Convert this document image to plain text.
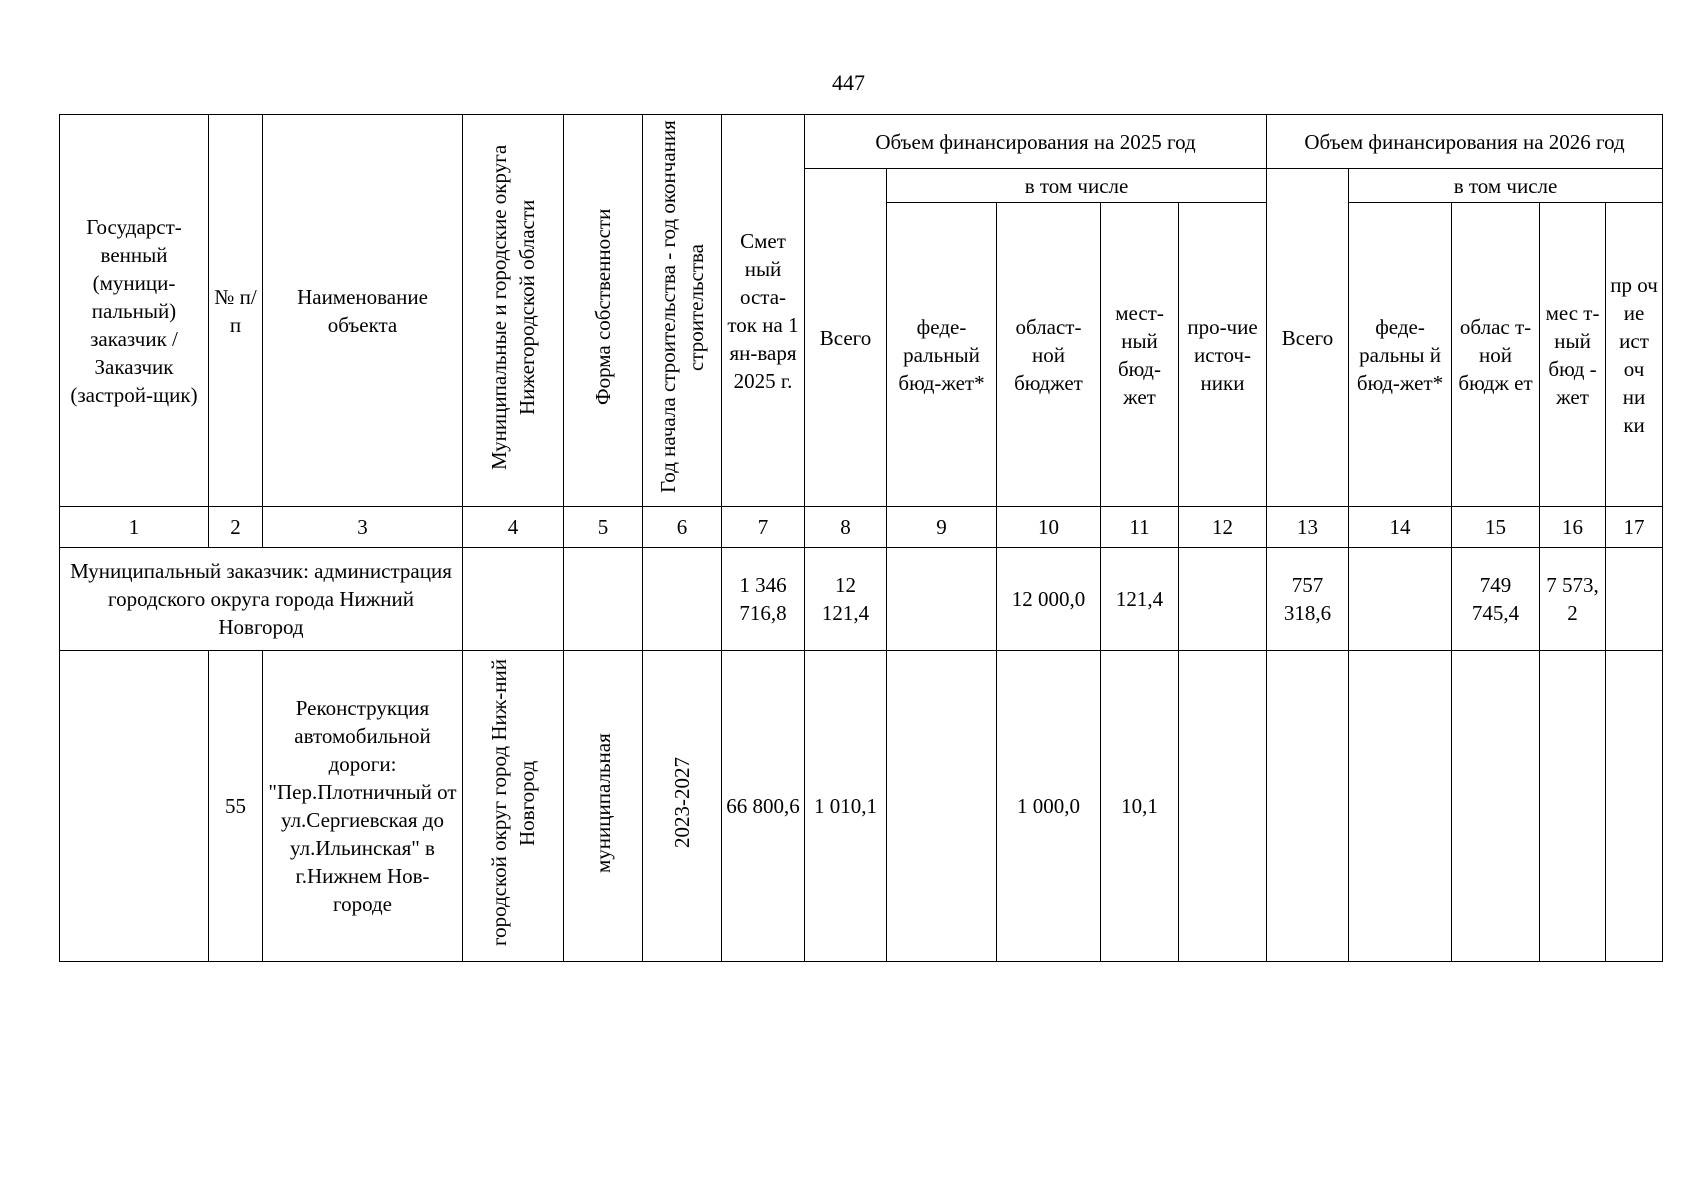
447
Государст-венный (муници-пальный) заказчик / Заказчик (застрой-щик)	№ п/п	Наименование объекта	Муниципальные и городские округа Нижегородской области	Форма собственности	Год начала строительства - год окончания строительства	Смет ный оста-ток на 1 ян-варя 2025 г.	Объем финансирования на 2025 год					Объем финансирования на 2026 год				
							Всего	в том числе				Всего	в том числе			
								феде-ральный бюд-жет*	област-ной бюджет	мест-ный бюд-жет	про-чие источ-ники		феде-ральны й бюд-жет*	облас т-ной бюдж ет	мес т-ный бюд - жет	пр оч ие ист оч ни ки
1	2	3	4	5	6	7	8	9	10	11	12	13	14	15	16	17
Муниципальный заказчик: администрация городского округа города Нижний Новгород						1 346 716,8	12 121,4		12 000,0	121,4		757 318,6		749 745,4	7 573, 2	
	55	Реконструкция автомобильной дороги: "Пер.Плотничный от ул.Сергиевская до ул.Ильинская" в г.Нижнем Нов-городе	городской округ город Ниж-ний Новгород	муниципальная	2023-2027	66 800,6	1 010,1		1 000,0	10,1						
